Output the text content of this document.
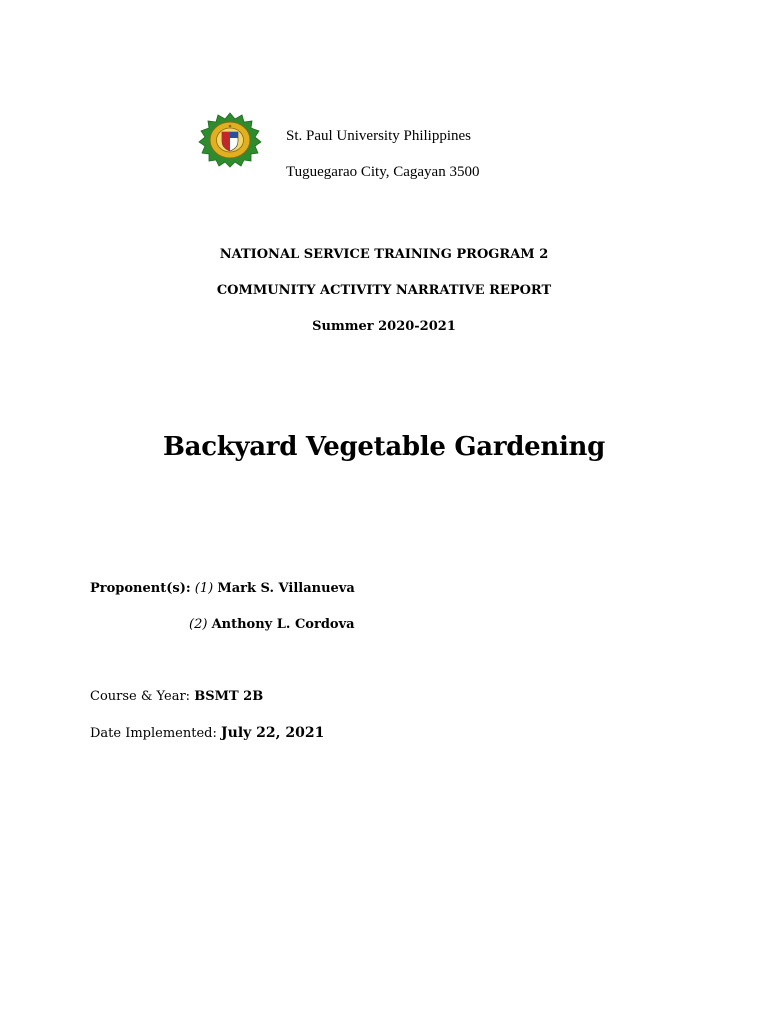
St. Paul University Philippines
Tuguegarao City, Cagayan 3500
NATIONAL SERVICE TRAINING PROGRAM 2
COMMUNITY ACTIVITY NARRATIVE REPORT
Summer 2020-2021
Backyard Vegetable Gardening
Proponent(s): (1) Mark S. Villanueva
(2) Anthony L. Cordova
Course & Year: BSMT 2B
Date Implemented: July 22, 2021
